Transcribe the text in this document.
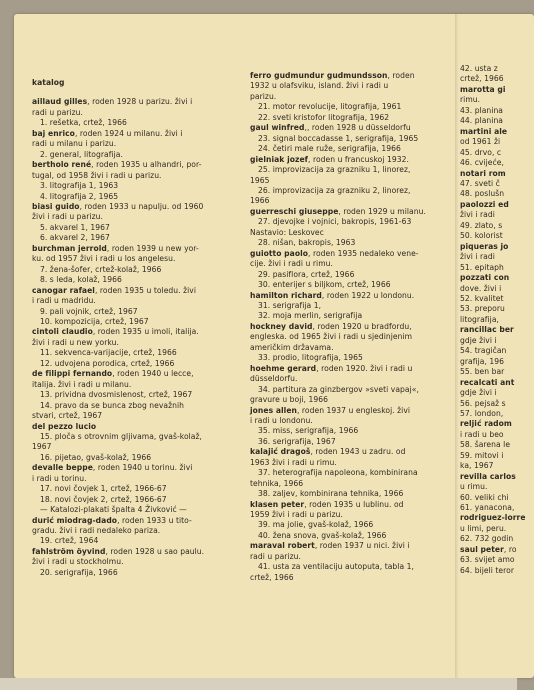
katalog
aillaud gilles, roden 1928 u parizu. živi i
radi u parizu.
1. rešetka, crtež, 1966
baj enrico, roden 1924 u milanu. živi i
radi u milanu i parizu.
2. general, litografija.
bertholo rené, roden 1935 u alhandri, por-
tugal, od 1958 živi i radi u parizu.
3. litografija 1, 1963
4. litografija 2, 1965
biasi guido, roden 1933 u napulju. od 1960
živi i radi u parizu.
5. akvarel 1, 1967
6. akvarel 2, 1967
burchman jerrold, roden 1939 u new yor-
ku. od 1957 živi i radi u los angelesu.
7. žena-šofer, crtež-kolaž, 1966
8. s leda, kolaž, 1966
canogar rafael, roden 1935 u toledu. živi
i radi u madridu.
9. pali vojnik, crtež, 1967
10. kompozicija, crtež, 1967
cintoli claudio, roden 1935 u imoli, italija.
živi i radi u new yorku.
11. sekvenca-varijacije, crtež, 1966
12. udvojena porodica, crtež, 1966
de filippi fernando, roden 1940 u lecce,
italija. živi i radi u milanu.
13. prividna dvosmislenost, crtež, 1967
14. pravo da se bunca zbog nevažnih
stvari, crtež, 1967
del pezzo lucio
15. ploča s otrovnim gljivama, gvaš-kolaž,
1967
16. pijetao, gvaš-kolaž, 1966
devalle beppe, roden 1940 u torinu. živi
i radi u torinu.
17. novi čovjek 1, crtež, 1966-67
18. novi čovjek 2, crtež, 1966-67
— Katalozi-plakati špalta 4 Živković —
durić miodrag-dado, roden 1933 u tito-
gradu. živi i radi nedaleko pariza.
19. crtež, 1964
fahlström öyvind, roden 1928 u sao paulu.
živi i radi u stockholmu.
20. serigrafija, 1966
ferro gudmundur gudmundsson, roden
1932 u olafsviku, island. živi i radi u
parizu.
21. motor revolucije, litografija, 1961
22. sveti kristofor litografija, 1962
gaul winfred,, roden 1928 u düsseldorfu
23. signal boccadasse 1, serigrafija, 1965
24. četiri male ruže, serigrafija, 1966
gielniak jozef, roden u francuskoj 1932.
25. improvizacija za grazniku 1, linorez,
1965
26. improvizacija za grazniku 2, linorez,
1966
guerreschi giuseppe, roden 1929 u milanu.
27. djevojke i vojnici, bakropis, 1961-63
Nastavio: Leskovec
28. nišan, bakropis, 1963
guiotto paolo, roden 1935 nedaleko vene-
cije. živi i radi u rimu.
29. pasiflora, crtež, 1966
30. enterijer s biljkom, crtež, 1966
hamilton richard, roden 1922 u londonu.
31. serigrafija 1,
32. moja merlin, serigrafija
hockney david, roden 1920 u bradfordu,
engleska. od 1965 živi i radi u sjedinjenim
američkim državama.
33. prodio, litografija, 1965
hoehme gerard, roden 1920. živi i radi u
düsseldorfu.
34. partitura za ginzbergov »sveti vapaj«,
gravure u boji, 1966
jones allen, roden 1937 u engleskoj. živi
i radi u londonu.
35. miss, serigrafija, 1966
36. serigrafija, 1967
kalajić dragoš, roden 1943 u zadru. od
1963 živi i radi u rimu.
37. heterografija napoleona, kombinirana
tehnika, 1966
38. zaljev, kombinirana tehnika, 1966
klasen peter, roden 1935 u lublinu. od
1959 živi i radi u parizu.
39. ma jolie, gvaš-kolaž, 1966
40. žena snova, gvaš-kolaž, 1966
maraval robert, roden 1937 u nici. živi i
radi u parizu.
41. usta za ventilaciju autoputa, tabla 1,
crtež, 1966
42. usta z
crtež, 1966
marotta gi
rimu.
43. planina
44. planina
martini ale
od 1961 ži
45. drvo, c
46. cvijeće,
notari rom
47. sveti č
48. poslušn
paolozzi ed
živi i radi
49. zlato, s
50. kolorist
piqueras jo
živi i radi
51. epitaph
pozzati con
dove. živi i
52. kvalitet
53. preporu
litografija,
rancillac ber
gdje živi i
54. tragičan
grafija, 196
55. ben bar
recalcati ant
gdje živi i
56. pejsaž s
57. london,
reljić radom
i radi u beo
58. šarena le
59. mitovi i
ka, 1967
revilla carlos
u rimu.
60. veliki chi
61. yanacona,
rodriguez-lorre
u limi, peru.
62. 732 godin
saul peter, ro
63. svijet amo
64. bijeli teror
